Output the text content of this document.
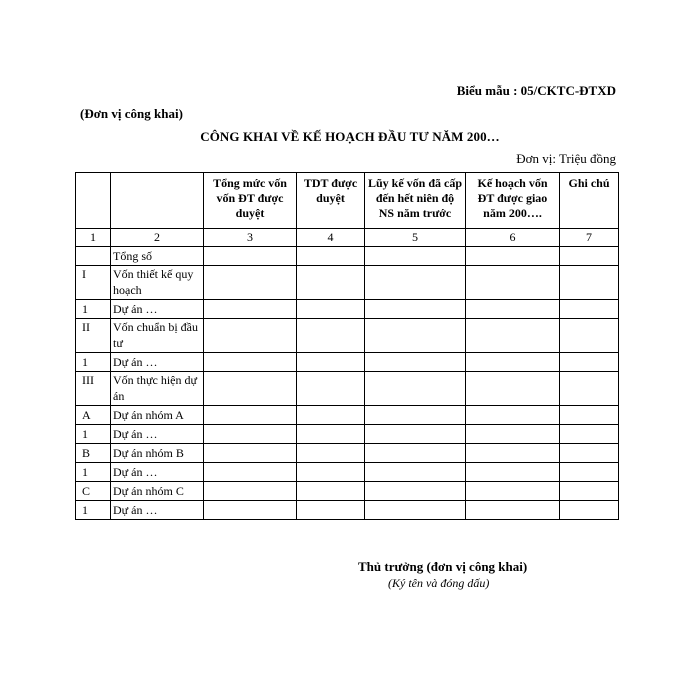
Biểu mẫu : 05/CKTC-ĐTXD
(Đơn vị công khai)
CÔNG KHAI VỀ KẾ HOẠCH ĐẦU TƯ NĂM 200…
Đơn vị: Triệu đồng
		Tổng mức vốn vốn ĐT được duyệt	TDT được duyệt	Lũy kế vốn đã cấp đến hết niên độ NS năm trước	Kế hoạch vốn ĐT được giao năm 200….	Ghi chú
1	2	3	4	5	6	7
	Tổng số					
I	Vốn thiết kế quy hoạch					
1	Dự án …					
II	Vốn chuẩn bị đầu tư					
1	Dự án …					
III	Vốn thực hiện dự án					
A	Dự án nhóm A					
1	Dự án …					
B	Dự án nhóm B					
1	Dự án …					
C	Dự án nhóm C					
1	Dự án …					
Thủ trưởng (đơn vị công khai)
(Ký tên và đóng dấu)
